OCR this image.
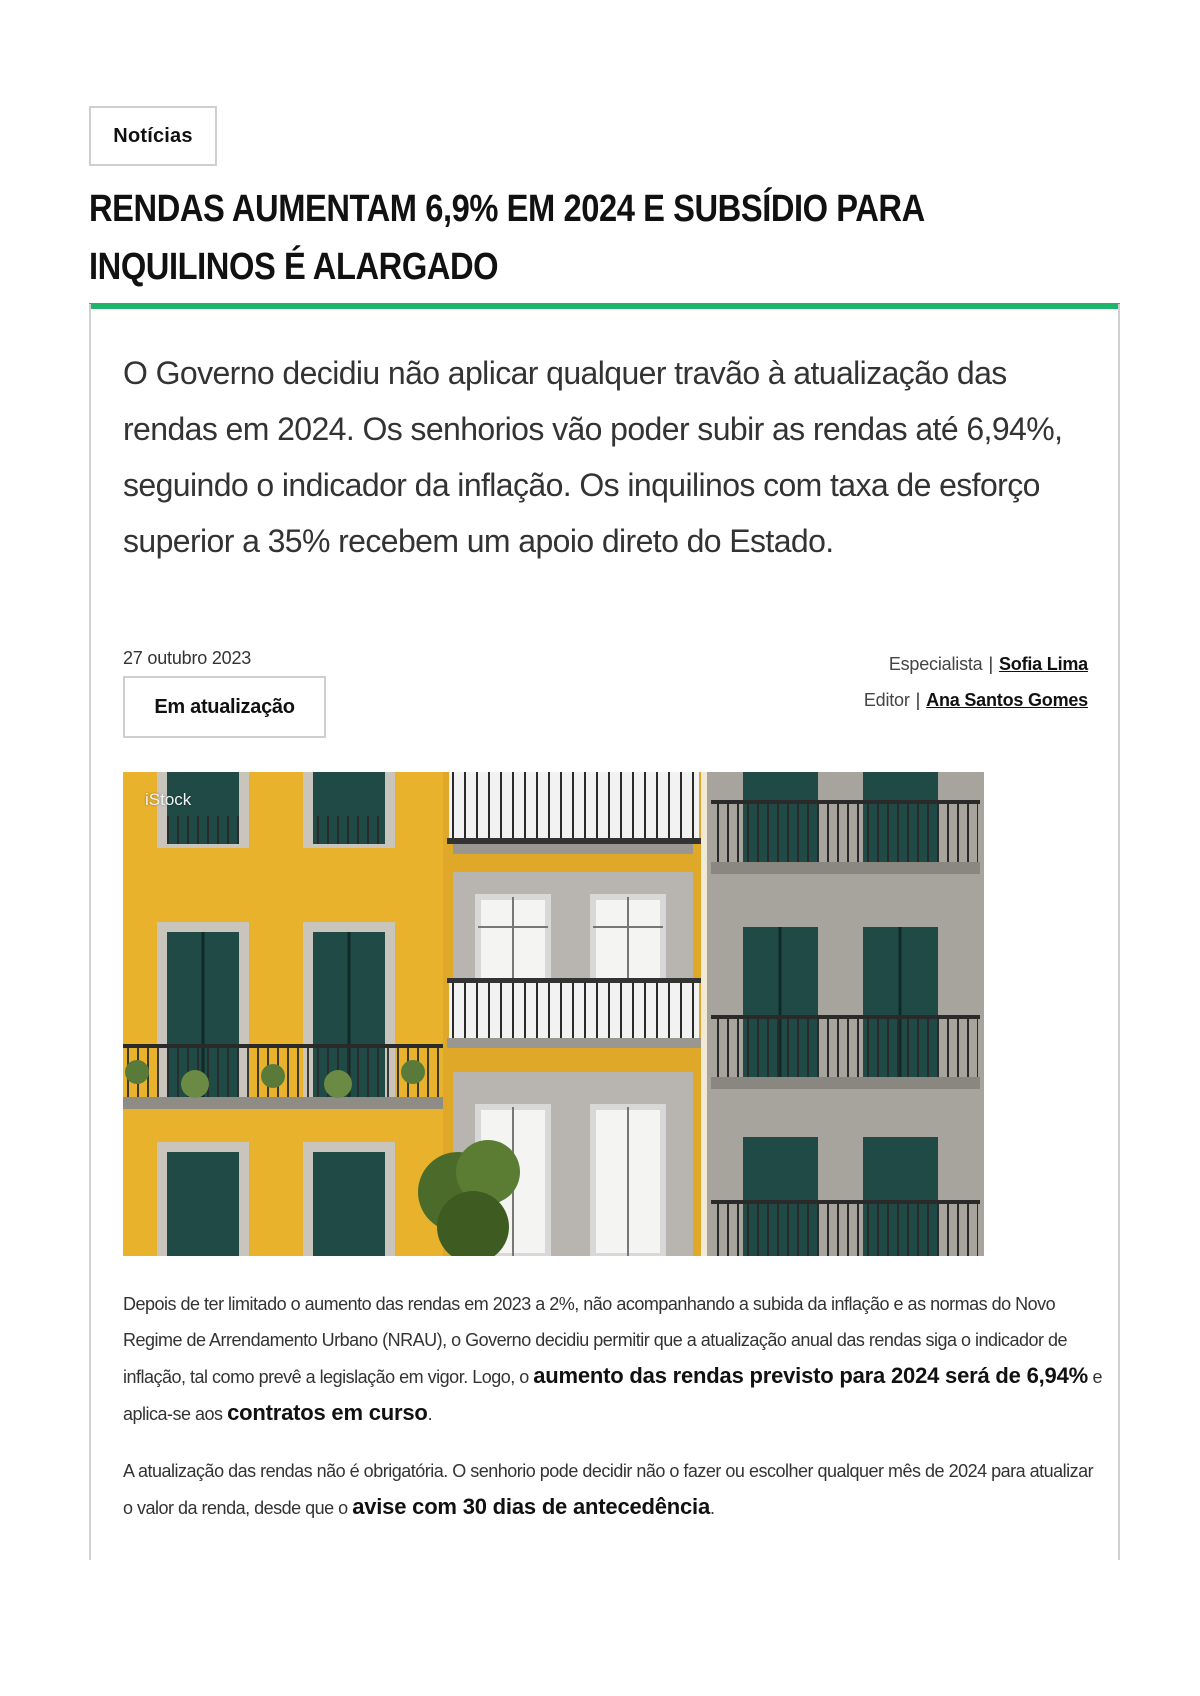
Notícias
RENDAS AUMENTAM 6,9% EM 2024 E SUBSÍDIO PARA
INQUILINOS É ALARGADO

O Governo decidiu não aplicar qualquer travão à atualização das rendas em 2024. Os senhorios vão poder subir as rendas até 6,94%, seguindo o indicador da inflação. Os inquilinos com taxa de esforço superior a 35% recebem um apoio direto do Estado.

27 outubro 2023
Em atualização
Especialista | Sofia Lima
Editor | Ana Santos Gomes
iStock

Depois de ter limitado o aumento das rendas em 2023 a 2%, não acompanhando a subida da inflação e as normas do Novo Regime de Arrendamento Urbano (NRAU), o Governo decidiu permitir que a atualização anual das rendas siga o indicador de inflação, tal como prevê a legislação em vigor. Logo, o aumento das rendas previsto para 2024 será de 6,94% e aplica-se aos contratos em curso.

A atualização das rendas não é obrigatória. O senhorio pode decidir não o fazer ou escolher qualquer mês de 2024 para atualizar o valor da renda, desde que o avise com 30 dias de antecedência.
